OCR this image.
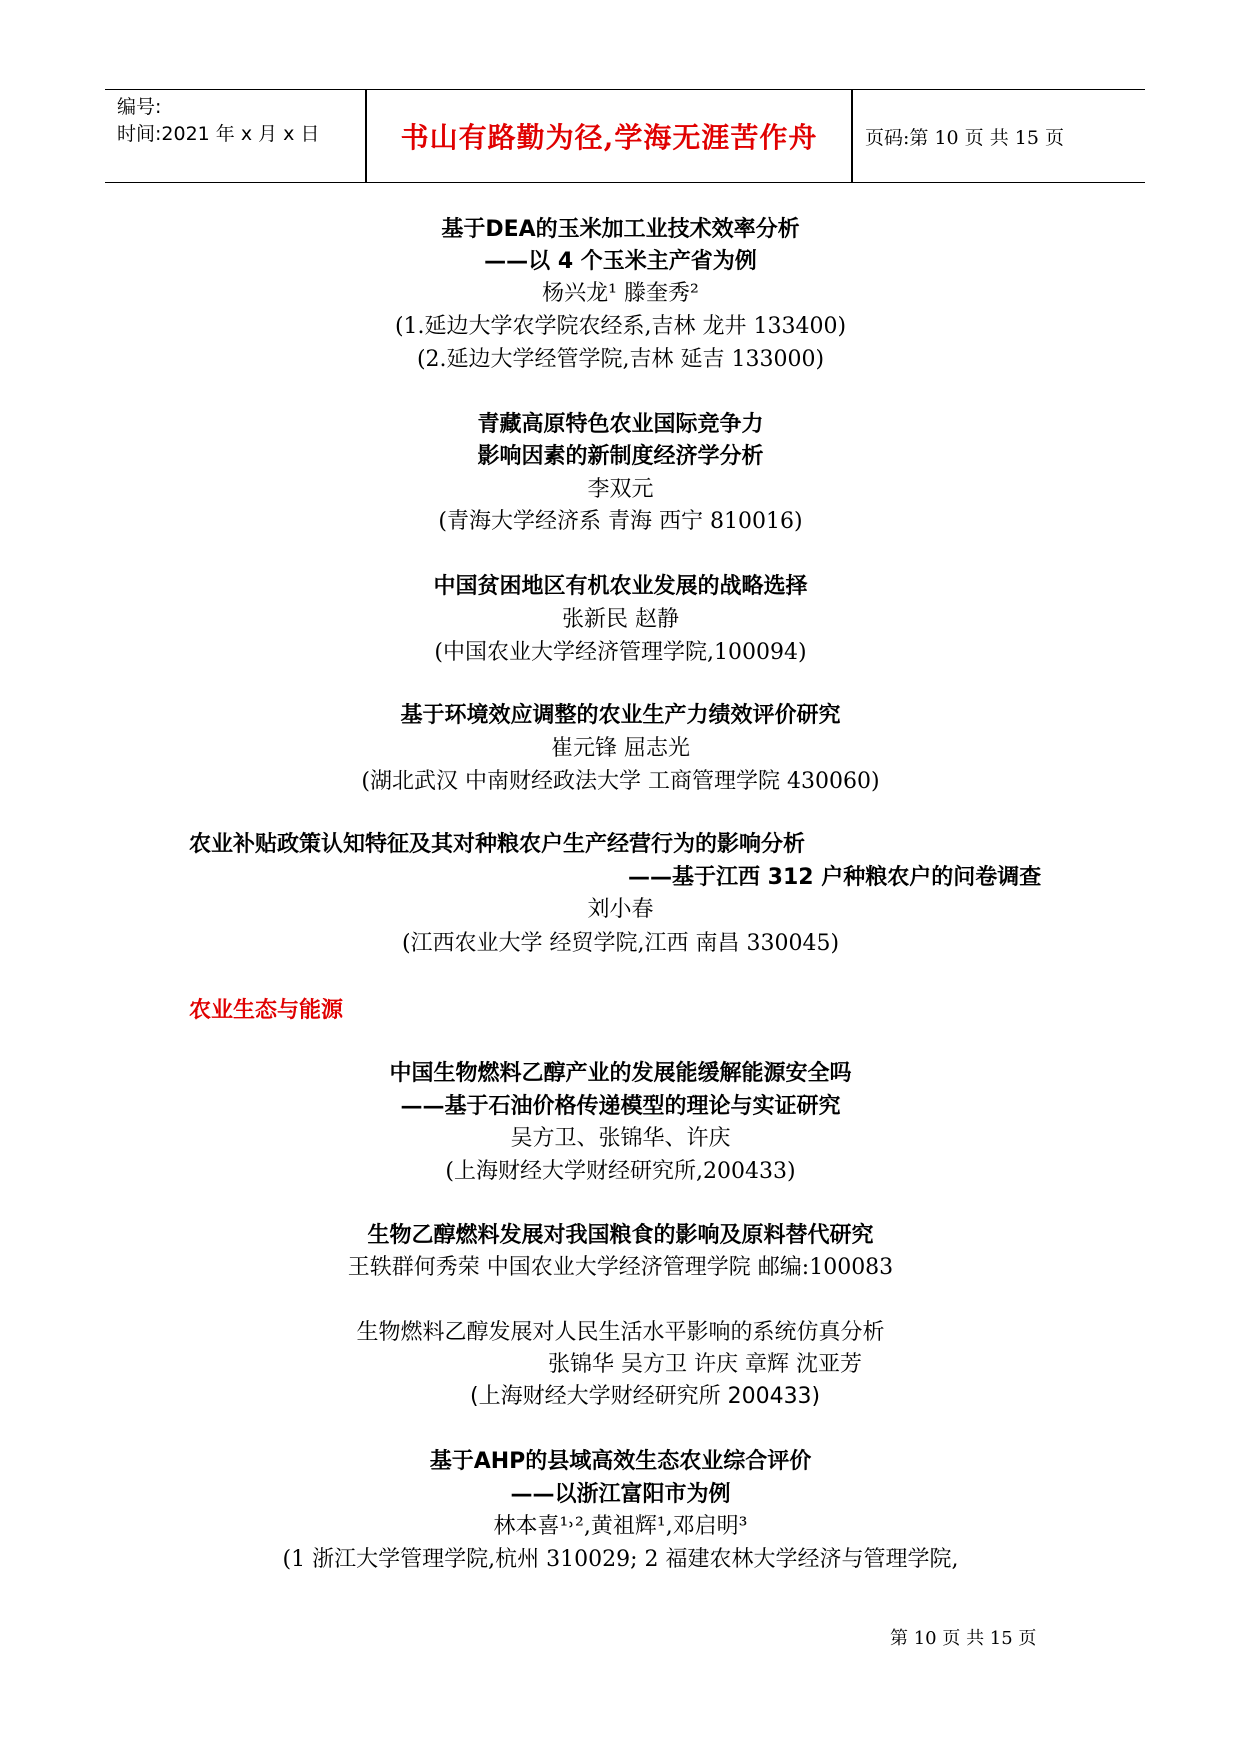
编号:
时间:2021 年 x 月 x 日	书山有路勤为径,学海无涯苦作舟	页码:第 10 页 共 15 页
基于DEA的玉米加工业技术效率分析
——以 4 个玉米主产省为例
杨兴龙¹ 滕奎秀²
(1.延边大学农学院农经系,吉林 龙井 133400)
(2.延边大学经管学院,吉林 延吉 133000)
青藏高原特色农业国际竞争力
影响因素的新制度经济学分析
李双元
(青海大学经济系 青海 西宁 810016)
中国贫困地区有机农业发展的战略选择
张新民 赵静
(中国农业大学经济管理学院,100094)
基于环境效应调整的农业生产力绩效评价研究
崔元锋 屈志光
(湖北武汉 中南财经政法大学 工商管理学院 430060)
农业补贴政策认知特征及其对种粮农户生产经营行为的影响分析
——基于江西 312 户种粮农户的问卷调查
刘小春
(江西农业大学 经贸学院,江西 南昌 330045)
农业生态与能源
中国生物燃料乙醇产业的发展能缓解能源安全吗
——基于石油价格传递模型的理论与实证研究
吴方卫、张锦华、许庆
(上海财经大学财经研究所,200433)
生物乙醇燃料发展对我国粮食的影响及原料替代研究
王轶群何秀荣 中国农业大学经济管理学院 邮编:100083
生物燃料乙醇发展对人民生活水平影响的系统仿真分析
张锦华 吴方卫 许庆 章辉 沈亚芳
(上海财经大学财经研究所 200433)
基于AHP的县域高效生态农业综合评价
——以浙江富阳市为例
林本喜¹˒²,黄祖辉¹,邓启明³
(1 浙江大学管理学院,杭州 310029; 2 福建农林大学经济与管理学院,
第 10 页 共 15 页
